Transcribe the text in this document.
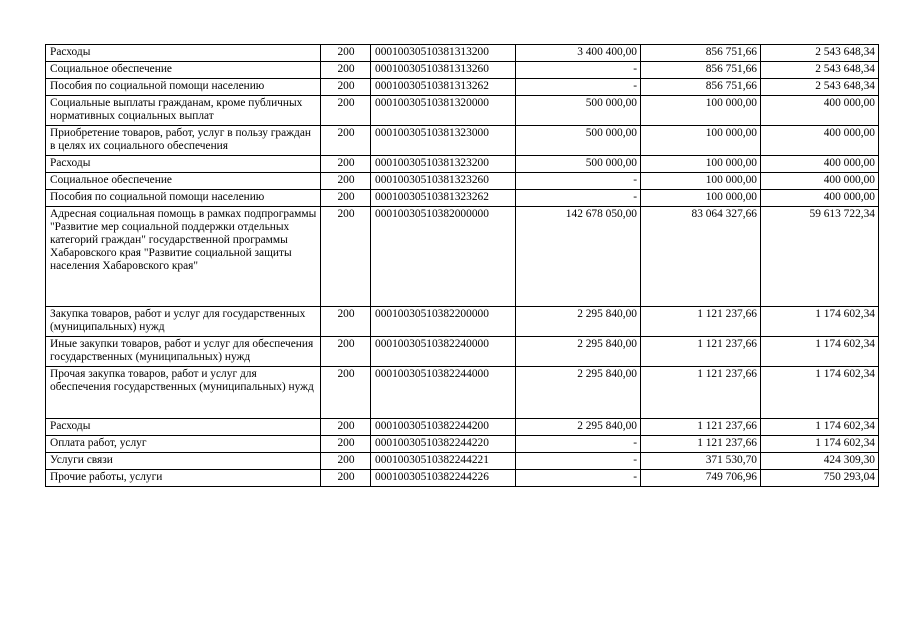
Расходы	200	00010030510381313200	3 400 400,00	856 751,66	2 543 648,34
Социальное обеспечение	200	00010030510381313260	-	856 751,66	2 543 648,34
Пособия по социальной помощи населению	200	00010030510381313262	-	856 751,66	2 543 648,34
Социальные выплаты гражданам, кроме публичных нормативных социальных выплат	200	00010030510381320000	500 000,00	100 000,00	400 000,00
Приобретение товаров, работ, услуг в пользу граждан в целях их социального обеспечения	200	00010030510381323000	500 000,00	100 000,00	400 000,00
Расходы	200	00010030510381323200	500 000,00	100 000,00	400 000,00
Социальное обеспечение	200	00010030510381323260	-	100 000,00	400 000,00
Пособия по социальной помощи населению	200	00010030510381323262	-	100 000,00	400 000,00
Адресная социальная помощь в рамках подпрограммы "Развитие мер социальной поддержки отдельных категорий граждан" государственной программы Хабаровского края "Развитие социальной защиты населения Хабаровского края"	200	00010030510382000000	142 678 050,00	83 064 327,66	59 613 722,34
Закупка товаров, работ и услуг для государственных (муниципальных) нужд	200	00010030510382200000	2 295 840,00	1 121 237,66	1 174 602,34
Иные закупки товаров, работ и услуг для обеспечения государственных (муниципальных) нужд	200	00010030510382240000	2 295 840,00	1 121 237,66	1 174 602,34
Прочая закупка товаров, работ и услуг для обеспечения государственных (муниципальных) нужд	200	00010030510382244000	2 295 840,00	1 121 237,66	1 174 602,34
Расходы	200	00010030510382244200	2 295 840,00	1 121 237,66	1 174 602,34
Оплата работ, услуг	200	00010030510382244220	-	1 121 237,66	1 174 602,34
Услуги связи	200	00010030510382244221	-	371 530,70	424 309,30
Прочие работы, услуги	200	00010030510382244226	-	749 706,96	750 293,04
